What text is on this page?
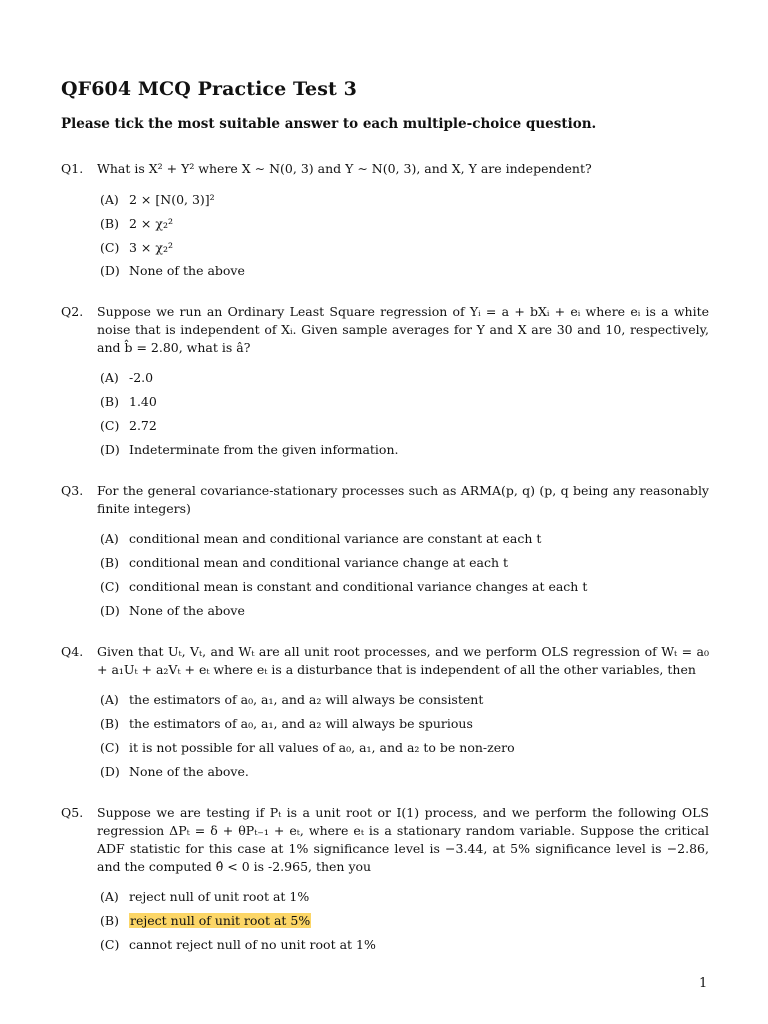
QF604 MCQ Practice Test 3
Please tick the most suitable answer to each multiple-choice question.
Q1. What is X² + Y² where X ∼ N(0, 3) and Y ∼ N(0, 3), and X, Y are independent?
(A) 2 × [N(0, 3)]²
(B) 2 × χ₂²
(C) 3 × χ₂²
(D) None of the above
Q2. Suppose we run an Ordinary Least Square regression of Yᵢ = a + bXᵢ + eᵢ where eᵢ is a white noise that is independent of Xᵢ. Given sample averages for Y and X are 30 and 10, respectively, and b̂ = 2.80, what is â?
(A) -2.0
(B) 1.40
(C) 2.72
(D) Indeterminate from the given information.
Q3. For the general covariance-stationary processes such as ARMA(p, q) (p, q being any reasonably finite integers)
(A) conditional mean and conditional variance are constant at each t
(B) conditional mean and conditional variance change at each t
(C) conditional mean is constant and conditional variance changes at each t
(D) None of the above
Q4. Given that Uₜ, Vₜ, and Wₜ are all unit root processes, and we perform OLS regression of Wₜ = a₀ + a₁Uₜ + a₂Vₜ + eₜ where eₜ is a disturbance that is independent of all the other variables, then
(A) the estimators of a₀, a₁, and a₂ will always be consistent
(B) the estimators of a₀, a₁, and a₂ will always be spurious
(C) it is not possible for all values of a₀, a₁, and a₂ to be non-zero
(D) None of the above.
Q5. Suppose we are testing if Pₜ is a unit root or I(1) process, and we perform the following OLS regression ΔPₜ = δ + θPₜ₋₁ + eₜ, where eₜ is a stationary random variable. Suppose the critical ADF statistic for this case at 1% significance level is −3.44, at 5% significance level is −2.86, and the computed θ̂ < 0 is -2.965, then you
(A) reject null of unit root at 1%
(B) reject null of unit root at 5%
(C) cannot reject null of no unit root at 1%
1
